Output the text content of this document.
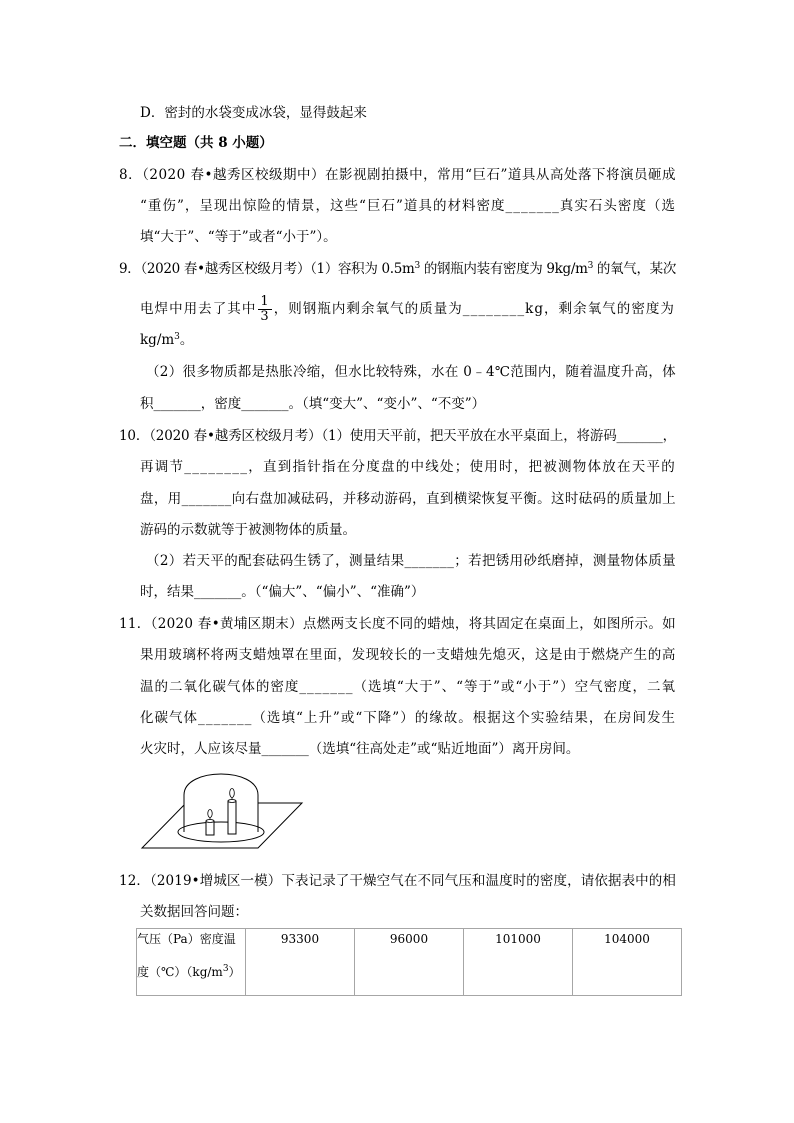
D．密封的水袋变成冰袋，显得鼓起来
二．填空题（共 8 小题）
8．（2020 春•越秀区校级期中）在影视剧拍摄中，常用“巨石”道具从高处落下将演员砸成
“重伤”，呈现出惊险的情景，这些“巨石”道具的材料密度_______真实石头密度（选
填“大于”、“等于”或者“小于”）。
9．（2020 春•越秀区校级月考）（1）容积为 $0.5m^3$ 的钢瓶内装有密度为 $9kg/m^3$ 的氧气，某次
电焊中用去了其中 $\frac{1}{3}$ ，则钢瓶内剩余氧气的质量为________kg，剩余氧气的密度为
$kg/m^3$。
（2）很多物质都是热胀冷缩，但水比较特殊，水在 0﹣4℃范围内，随着温度升高，体
积_______，密度_______。（填“变大”、“变小”、“不变”）
10．（2020 春•越秀区校级月考）（1）使用天平前，把天平放在水平桌面上，将游码_______，
再调节________，直到指针指在分度盘的中线处；使用时，把被测物体放在天平的
盘，用_______向右盘加减砝码，并移动游码，直到横梁恢复平衡。这时砝码的质量加上
游码的示数就等于被测物体的质量。
（2）若天平的配套砝码生锈了，测量结果_______；若把锈用砂纸磨掉，测量物体质量
时，结果_______。（“偏大”、“偏小”、“准确”）
11．（2020 春•黄埔区期末）点燃两支长度不同的蜡烛，将其固定在桌面上，如图所示。如
果用玻璃杯将两支蜡烛罩在里面，发现较长的一支蜡烛先熄灭，这是由于燃烧产生的高
温的二氧化碳气体的密度_______（选填“大于”、“等于”或“小于”）空气密度，二氧
化碳气体_______（选填“上升”或“下降”）的缘故。根据这个实验结果，在房间发生
火灾时，人应该尽量_______（选填“往高处走”或“贴近地面”）离开房间。
12．（2019•增城区一模）下表记录了干燥空气在不同气压和温度时的密度，请依据表中的相
关数据回答问题：
气压（Pa）密度温
度$(℃)(kg/m^3)$
	93300	96000	101000	104000
